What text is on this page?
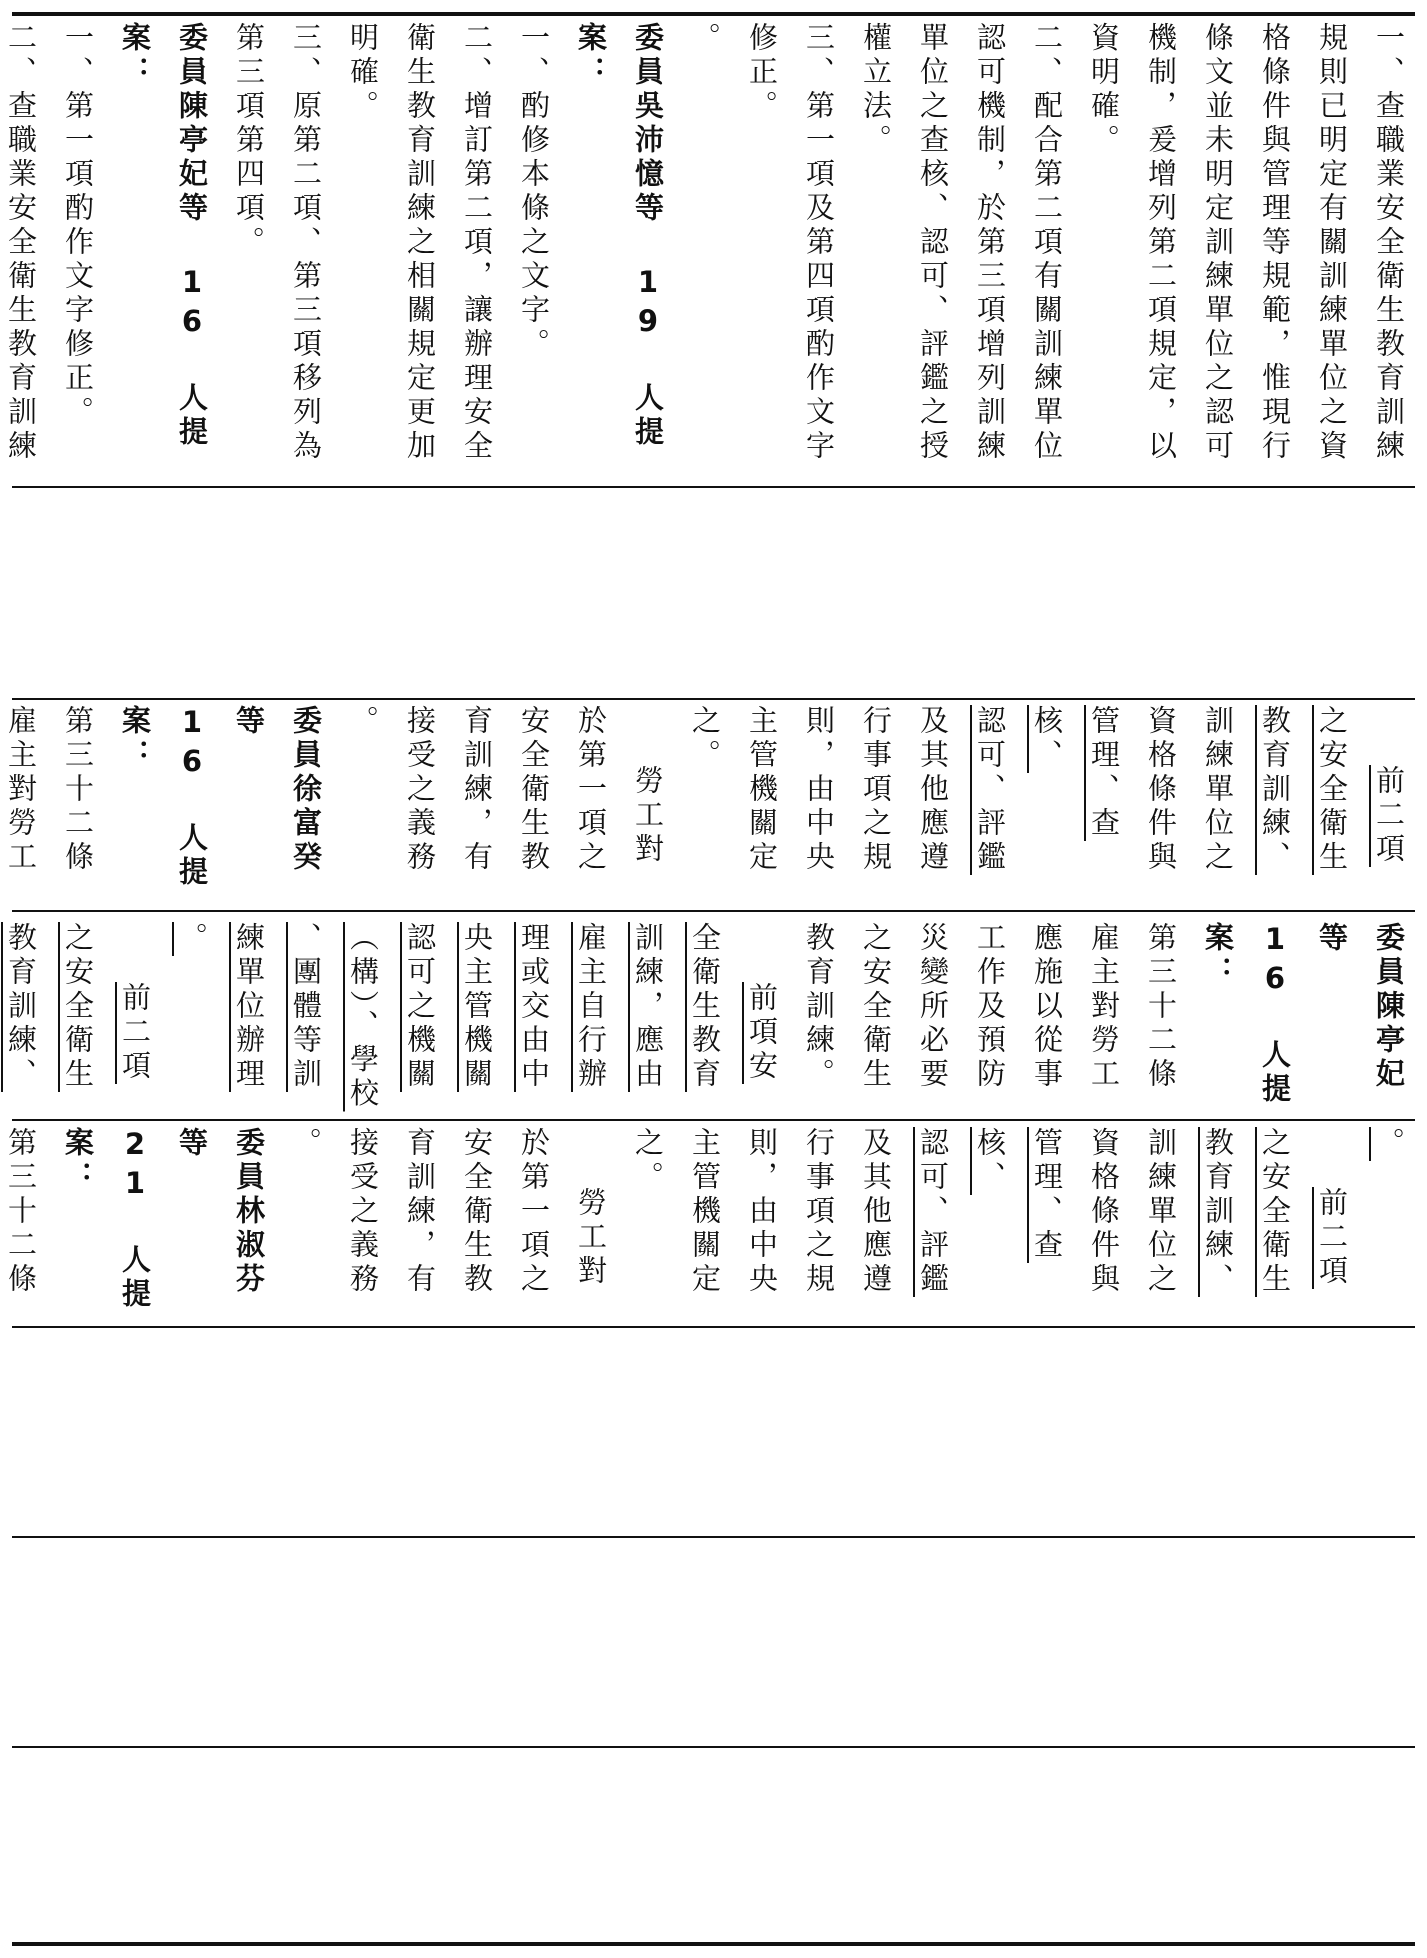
一、查職業安全衛生教育訓練規則已明定有關訓練單位之資格條件與管理等規範，惟現行條文並未明定訓練單位之認可機制，爰增列第二項規定，以資明確。
二、配合第二項有關訓練單位認可機制，於第三項增列訓練單位之查核、認可、評鑑之授權立法。
三、第一項及第四項酌作文字修正。
。
委員吳沛憶等 19 人提案：
一、酌修本條之文字。
二、增訂第二項，讓辦理安全衛生教育訓練之相關規定更加明確。
三、原第二項、第三項移列為第三項第四項。
委員陳亭妃等 16 人提案：
一、第一項酌作文字修正。
二、查職業安全衛生教育訓練
前二項
之安全衛生
教育訓練、
訓練單位之
資格條件與
管理、查核、
認可、評鑑
及其他應遵
行事項之規
則，由中央
主管機關定
之。
勞工對
於第一項之
安全衛生教
育訓練，有
接受之義務
。
委員徐富癸等
16 人提案：
第三十二條
雇主對勞工
。
前二項
之安全衛生
教育訓練、
訓練單位之
資格條件與
管理、查核、
認可、評鑑
及其他應遵
行事項之規
則，由中央
主管機關定
之。
勞工對
於第一項之
安全衛生教
育訓練，有
接受之義務
。
委員林淑芬等
21 人提案：
第三十二條
委員陳亭妃等
16 人提案：
第三十二條
雇主對勞工
應施以從事
工作及預防
災變所必要
之安全衛生
教育訓練。
前項安
全衛生教育
訓練，應由
雇主自行辦
理或交由中
央主管機關
認可之機關
（構）、學校
、團體等訓
練單位辦理
。
前二項
之安全衛生
教育訓練、
